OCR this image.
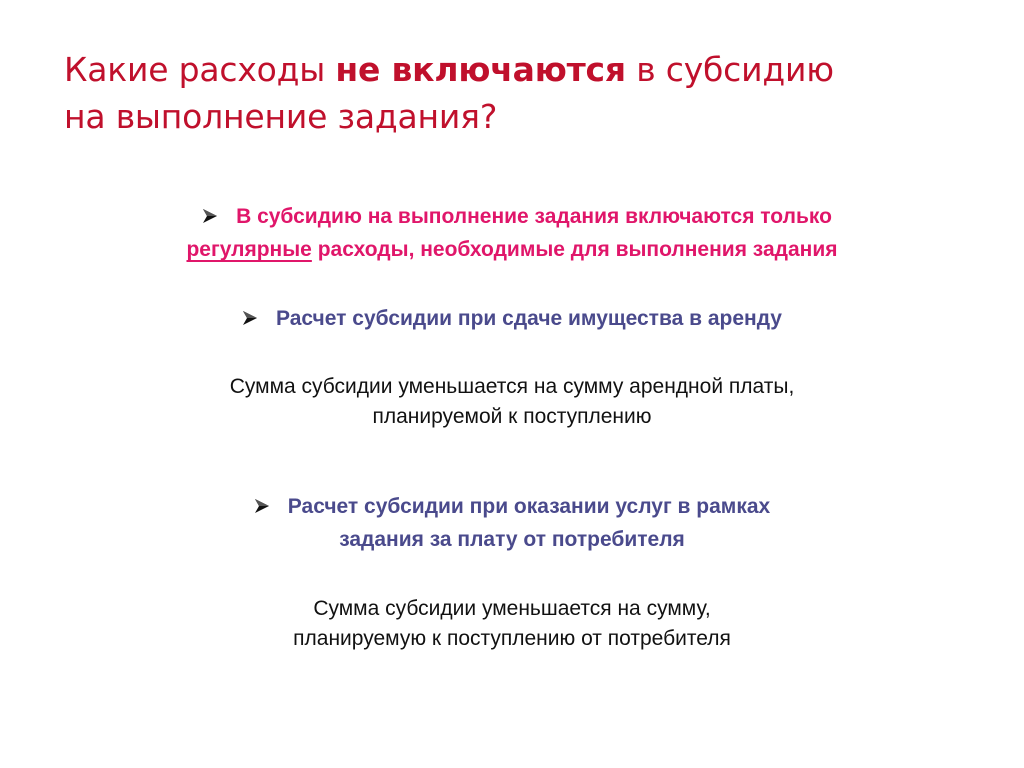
Какие расходы не включаются в субсидию
на выполнение задания?
В субсидию на выполнение задания включаются только
регулярные расходы, необходимые для выполнения задания
Расчет субсидии при сдаче имущества в аренду
Сумма субсидии уменьшается на сумму арендной платы,
планируемой к поступлению
Расчет субсидии при оказании услуг в рамках
задания за плату от потребителя
Сумма субсидии уменьшается на сумму,
планируемую к поступлению от потребителя
